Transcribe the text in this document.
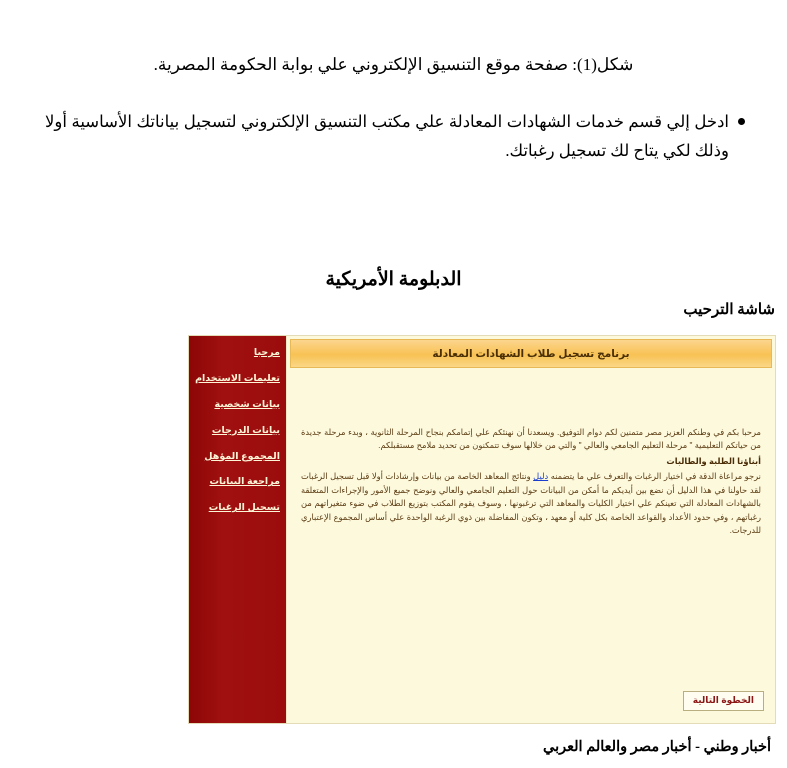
شكل(1): صفحة موقع التنسيق الإلكتروني علي بوابة الحكومة المصرية.
ادخل إلي قسم خدمات الشهادات المعادلة علي مكتب التنسيق الإلكتروني لتسجيل بياناتك الأساسية أولا وذلك لكي يتاح لك تسجيل رغباتك.
الدبلومة الأمريكية
شاشة الترحيب
مرحبا
تعليمات الاستخدام
بيانات شخصية
بيانات الدرجات
المجموع المؤهل
مراجعة البيانات
تسجيل الرغبات
برنامج تسجيل طلاب الشهادات المعادلة

مرحبا بكم في وطنكم العزيز مصر متمنين لكم دوام التوفيق. ويسعدنا أن نهنئكم علي إتمامكم بنجاح المرحلة الثانوية ، وبدء مرحلة جديدة من حياتكم التعليمية " مرحلة التعليم الجامعي والعالي " والتي من خلالها سوف تتمكنون من تحديد ملامح مستقبلكم.

أبناؤنا الطلبة والطالبات

نرجو مراعاة الدقة في اختيار الرغبات والتعرف علي ما يتضمنه دليل ونتائج المعاهد الخاصة من بيانات وإرشادات أولا قبل تسجيل الرغبات لقد حاولنا في هذا الدليل أن نضع بين أيديكم ما أمكن من البيانات حول التعليم الجامعي والعالي ونوضح جميع الأمور والإجراءات المتعلقة بالشهادات المعادلة التي تعينكم علي اختيار الكليات والمعاهد التي ترغبونها ، وسوف يقوم المكتب بتوزيع الطلاب في ضوء متغيراتهم من رغباتهم ، وفي حدود الأعداد والقواعد الخاصة بكل كلية أو معهد ، وتكون المفاضلة بين ذوي الرغبة الواحدة علي أساس المجموع الإعتباري للدرجات.

الخطوة التالية
أخبار وطني - أخبار مصر والعالم العربي
